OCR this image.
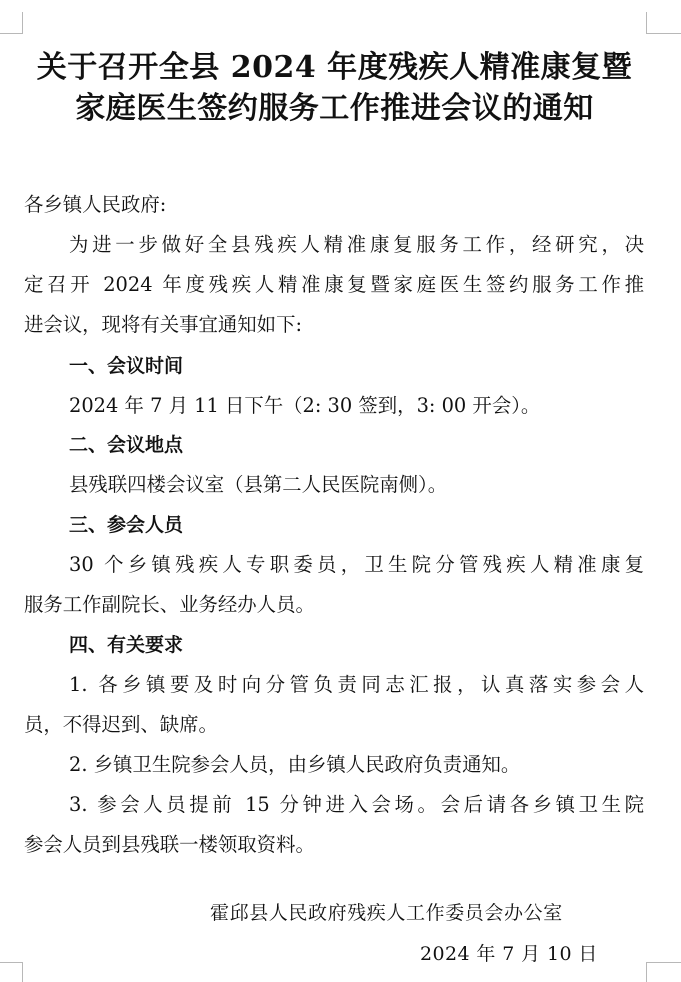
关于召开全县 2024 年度残疾人精准康复暨
家庭医生签约服务工作推进会议的通知
各乡镇人民政府:
为进一步做好全县残疾人精准康复服务工作，经研究，决
定召开 2024 年度残疾人精准康复暨家庭医生签约服务工作推
进会议，现将有关事宜通知如下:
一、会议时间
2024 年 7 月 11 日下午（2: 30 签到，3: 00 开会）。
二、会议地点
县残联四楼会议室（县第二人民医院南侧）。
三、参会人员
30 个乡镇残疾人专职委员，卫生院分管残疾人精准康复
服务工作副院长、业务经办人员。
四、有关要求
1. 各乡镇要及时向分管负责同志汇报，认真落实参会人
员，不得迟到、缺席。
2. 乡镇卫生院参会人员，由乡镇人民政府负责通知。
3. 参会人员提前 15 分钟进入会场。会后请各乡镇卫生院
参会人员到县残联一楼领取资料。
霍邱县人民政府残疾人工作委员会办公室
2024 年 7 月 10 日
